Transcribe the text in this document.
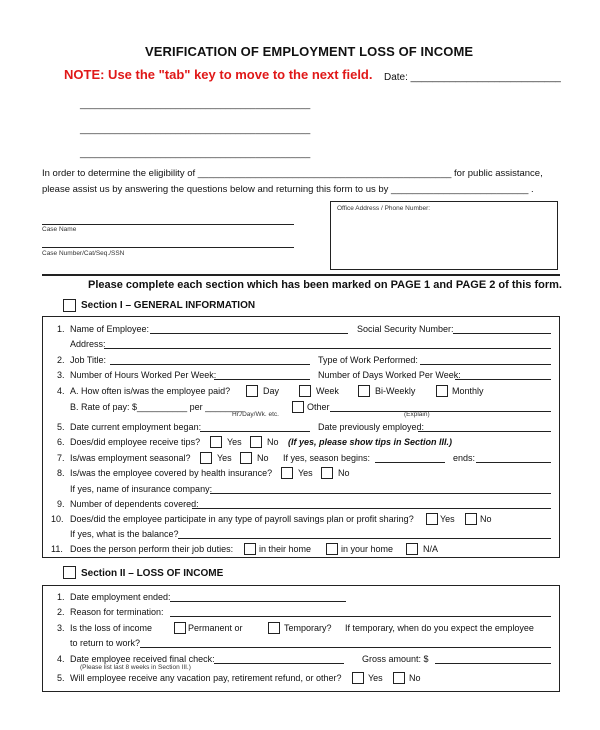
VERIFICATION OF EMPLOYMENT LOSS OF INCOME
NOTE: Use the "tab" key to move to the next field. Date: ___________________________
______________________________________________
______________________________________________
______________________________________________
In order to determine the eligibility of ________________________________________________ for public assistance,
please assist us by answering the questions below and returning this form to us by __________________________ .
Case Name
Case Number/Cat/Seq./SSN
Office Address / Phone Number:
Please complete each section which has been marked on PAGE 1 and PAGE 2 of this form.
Section I – GENERAL INFORMATION
1. Name of Employee:	Social Security Number:
Address:
2. Job Title:	Type of Work Performed:
3. Number of Hours Worked Per Week:	Number of Days Worked Per Week:
4. A. How often is/was the employee paid?	Day	Week	Bi-Weekly	Monthly
B. Rate of pay: $__________ per ________
Hr./Day/Wk. etc.
Other
(Explain)
5. Date current employment began:	Date previously employed:
6. Does/did employee receive tips?	Yes	No (If yes, please show tips in Section III.)
7. Is/was employment seasonal?	Yes	No If yes, season begins:	ends:
8. Is/was the employee covered by health insurance?	Yes	No
If yes, name of insurance company:
9. Number of dependents covered:
10. Does/did the employee participate in any type of payroll savings plan or profit sharing?	Yes	No
If yes, what is the balance?
11. Does the person perform their job duties:	in their home	in your home	N/A
Section II – LOSS OF INCOME
1. Date employment ended:
2. Reason for termination:
3. Is the loss of income	Permanent or	Temporary? If temporary, when do you expect the employee
to return to work?
4. Date employee received final check:	Gross amount: $
(Please list last 8 weeks in Section III.)
5. Will employee receive any vacation pay, retirement refund, or other?	Yes	No
